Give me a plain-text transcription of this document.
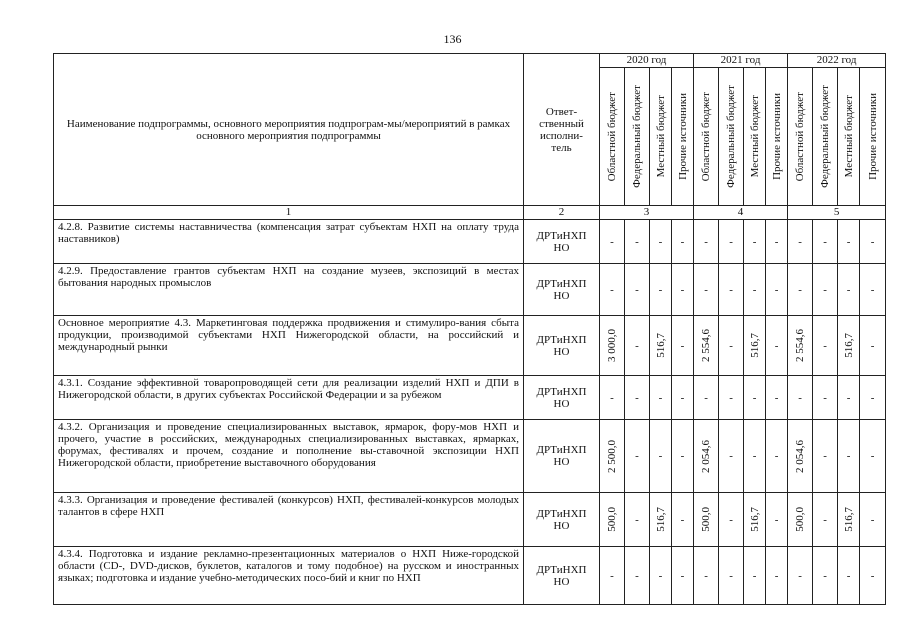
136
Наименование подпрограммы, основного мероприятия подпрограм-мы/мероприятий в рамках основного мероприятия подпрограммы	Ответ-ственный исполни-тель	2020 год				2021 год				2022 год			

		Областной бюджет	Федеральный бюджет	Местный бюджет	Прочие источники	Областной бюджет	Федеральный бюджет	Местный бюджет	Прочие источники	Областной бюджет	Федеральный бюджет	Местный бюджет	Прочие источники

1	2	3				4				5			
4.2.8. Развитие системы наставничества (компенсация затрат субъектам НХП на оплату труда наставников)	ДРТиНХП НО	-	-	-	-	-	-	-	-	-	-	-	-

4.2.9. Предоставление грантов субъектам НХП на создание музеев, экспозиций в местах бытования народных промыслов	ДРТиНХП НО	-	-	-	-	-	-	-	-	-	-	-	-

Основное мероприятие 4.3. Маркетинговая поддержка продвижения и стимулиро-вания сбыта продукции, производимой субъектами НХП Нижегородской области, на российский и международный рынки	ДРТиНХП НО	3 000,0	-	516,7	-	2 554,6	-	516,7	-	2 554,6	-	516,7	-

4.3.1. Создание эффективной товаропроводящей сети для реализации изделий НХП и ДПИ в Нижегородской области, в других субъектах Российской Федерации и за рубежом	ДРТиНХП НО	-	-	-	-	-	-	-	-	-	-	-	-

4.3.2. Организация и проведение специализированных выставок, ярмарок, фору-мов НХП и прочего, участие в российских, международных специализированных выставках, ярмарках, форумах, фестивалях и прочем, создание и пополнение вы-ставочной экспозиции НХП Нижегородской области, приобретение выставочного оборудования	ДРТиНХП НО	2 500,0	-	-	-	2 054,6	-	-	-	2 054,6	-	-	-

4.3.3. Организация и проведение фестивалей (конкурсов) НХП, фестивалей-конкурсов молодых талантов в сфере НХП	ДРТиНХП НО	500,0	-	516,7	-	500,0	-	516,7	-	500,0	-	516,7	-

4.3.4. Подготовка и издание рекламно-презентационных материалов о НХП Ниже-городской области (CD-, DVD-дисков, буклетов, каталогов и тому подобное) на русском и иностранных языках; подготовка и издание учебно-методических посо-бий и книг по НХП	ДРТиНХП НО	-	-	-	-	-	-	-	-	-	-	-	-
